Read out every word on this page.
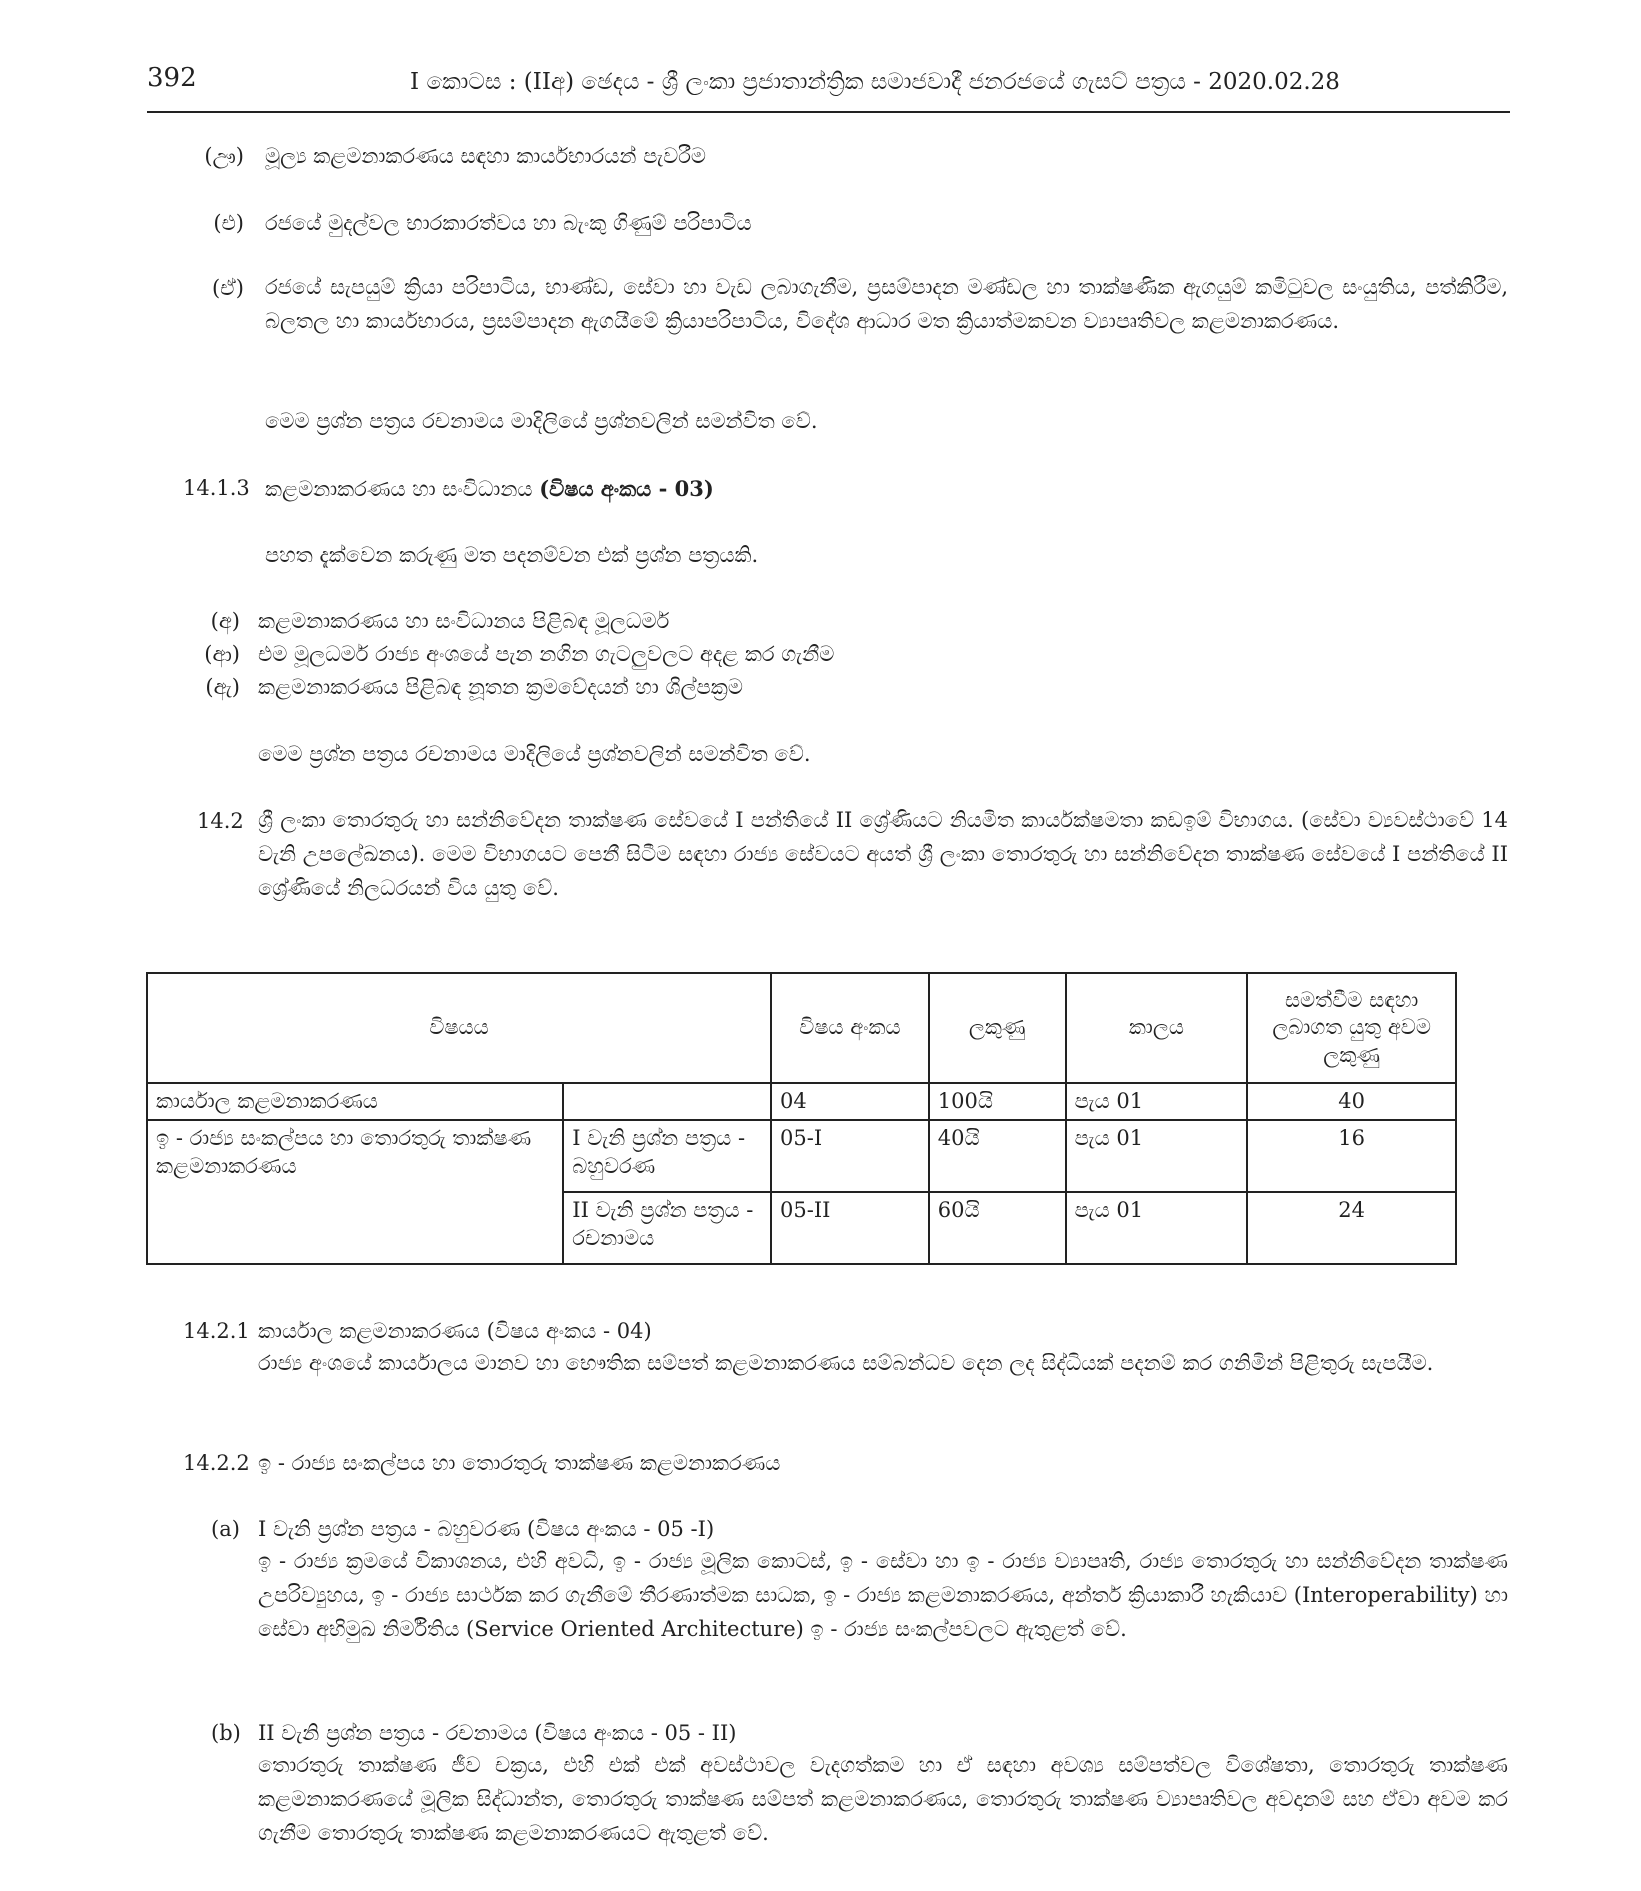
392	I කොටස : (IIඅ) ඡෙදය - ශ්‍රී ලංකා ප්‍රජාතාන්ත්‍රික සමාජවාදී ජනරජයේ ගැසට් පත්‍රය - 2020.02.28
(ඌ) මූල්‍ය කළමනාකරණය සඳහා කාර්යභාරයන් පැවරීම
(එ) රජයේ මුදල්වල භාරකාරත්වය හා බැංකු ගිණුම් පරිපාටිය
(ඒ) රජයේ සැපයුම් ක්‍රියා පරිපාටිය, භාණ්ඩ, සේවා හා වැඩ ලබාගැනීම, ප්‍රසම්පාදන මණ්ඩල හා තාක්ෂණික ඇගයුම් කමිටුවල සංයුතිය, පත්කිරීම, බලතල හා කාර්යභාරය, ප්‍රසම්පාදන ඇගයීමේ ක්‍රියාපරිපාටිය, විදේශ ආධාර මත ක්‍රියාත්මකවන ව්‍යාපෘතිවල කළමනාකරණය.
මෙම ප්‍රශ්න පත්‍රය රචනාමය මාදිලියේ ප්‍රශ්නවලින් සමන්විත වේ.
14.1.3 කළමනාකරණය හා සංවිධානය (විෂය අංකය - 03)
පහත දැක්වෙන කරුණු මත පදනම්වන එක් ප්‍රශ්න පත්‍රයකි.
(අ) කළමනාකරණය හා සංවිධානය පිළිබඳ මූලධර්ම
(ආ) එම මූලධර්ම රාජ්‍ය අංශයේ පැන නගින ගැටලුවලට අදළ කර ගැනීම
(ඇ) කළමනාකරණය පිළිබඳ නූතන ක්‍රමවේදයන් හා ශිල්පක්‍රම
මෙම ප්‍රශ්න පත්‍රය රචනාමය මාදිලියේ ප්‍රශ්නවලින් සමන්විත වේ.
14.2 ශ්‍රී ලංකා තොරතුරු හා සන්නිවේදන තාක්ෂණ සේවයේ I පන්තියේ II ශ්‍රේණියට නියමිත කාර්යක්ෂමතා කඩඉම් විභාගය. (සේවා ව්‍යවස්ථාවේ 14 වැනි උපලේඛනය). මෙම විභාගයට පෙනී සිටීම සඳහා රාජ්‍ය සේවයට අයත් ශ්‍රී ලංකා තොරතුරු හා සන්නිවේදන තාක්ෂණ සේවයේ I පන්තියේ II ශ්‍රේණියේ නිලධරයන් විය යුතු වේ.
විෂයය		විෂය අංකය	ලකුණු	කාලය	සමත්වීම සඳහා ලබාගත යුතු අවම ලකුණු
කාර්යාල කළමනාකරණය		04	100යි	පැය 01	40
ඉ - රාජ්‍ය සංකල්පය හා තොරතුරු තාක්ෂණ කළමනාකරණය	I වැනි ප්‍රශ්න පත්‍රය - බහුවරණ	05-I	40යි	පැය 01	16
	II වැනි ප්‍රශ්න පත්‍රය - රචනාමය	05-II	60යි	පැය 01	24
14.2.1 කාර්යාල කළමනාකරණය (විෂය අංකය - 04)
රාජ්‍ය අංශයේ කාර්යාලය මානව හා භෞතික සම්පත් කළමනාකරණය සම්බන්ධව දෙන ලද සිද්ධියක් පදනම් කර ගනිමින් පිළිතුරු සැපයීම.
14.2.2 ඉ - රාජ්‍ය සංකල්පය හා තොරතුරු තාක්ෂණ කළමනාකරණය
(a) I වැනි ප්‍රශ්න පත්‍රය - බහුවරණ (විෂය අංකය - 05 -I)
ඉ - රාජ්‍ය ක්‍රමයේ විකාශනය, එහි අවධි, ඉ - රාජ්‍ය මූලික කොටස්, ඉ - සේවා හා ඉ - රාජ්‍ය ව්‍යාපෘති, රාජ්‍ය තොරතුරු හා සන්නිවේදන තාක්ෂණ උපරිව්‍යුහය, ඉ - රාජ්‍ය සාර්ථක කර ගැනීමේ තීරණාත්මක සාධක, ඉ - රාජ්‍ය කළමනාකරණය, අන්තර් ක්‍රියාකාරී හැකියාව (Interoperability) හා සේවා අභිමුඛ නිර්මිතිය (Service Oriented Architecture) ඉ - රාජ්‍ය සංකල්පවලට ඇතුළත් වේ.
(b) II වැනි ප්‍රශ්න පත්‍රය - රචනාමය (විෂය අංකය - 05 - II)
තොරතුරු තාක්ෂණ ජීව චක්‍රය, එහි එක් එක් අවස්ථාවල වැදගත්කම හා ඒ සඳහා අවශ්‍ය සම්පත්වල විශේෂතා, තොරතුරු තාක්ෂණ කළමනාකරණයේ මූලික සිද්ධාන්ත, තොරතුරු තාක්ෂණ සම්පත් කළමනාකරණය, තොරතුරු තාක්ෂණ ව්‍යාපෘතිවල අවදානම් සහ ඒවා අවම කර ගැනීම තොරතුරු තාක්ෂණ කළමනාකරණයට ඇතුළත් වේ.
